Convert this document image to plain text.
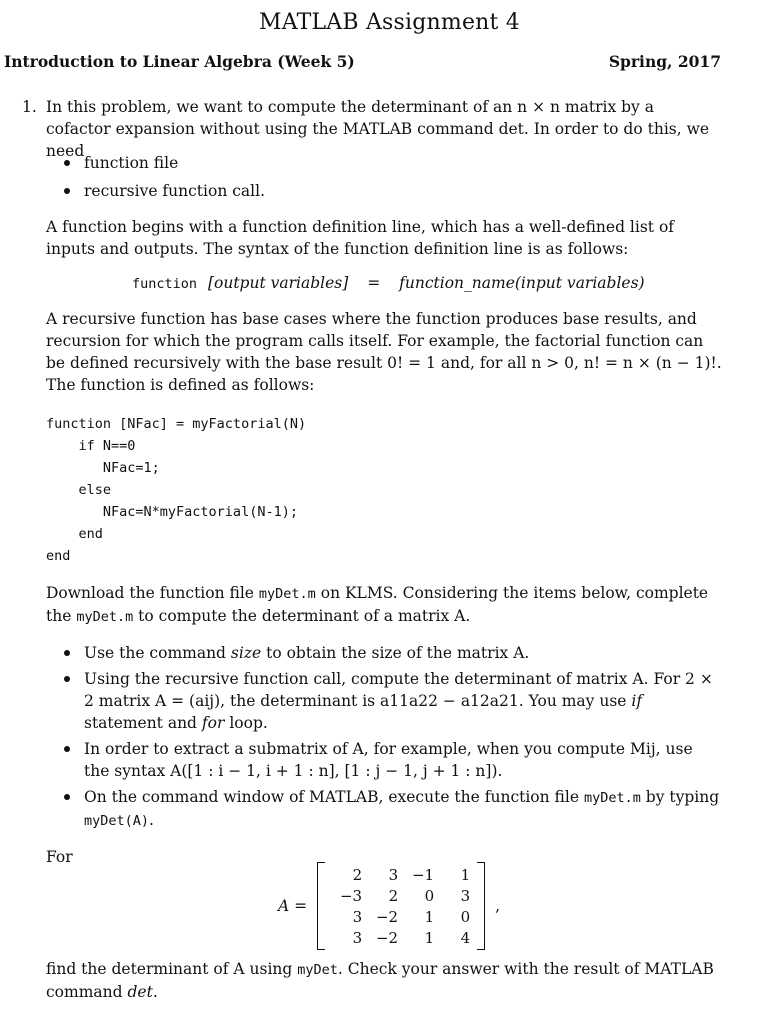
MATLAB Assignment 4
Introduction to Linear Algebra (Week 5)	Spring, 2017
1. In this problem, we want to compute the determinant of an n × n matrix by a cofactor expansion without using the MATLAB command det. In order to do this, we need
function file
recursive function call.
A function begins with a function definition line, which has a well-defined list of inputs and outputs. The syntax of the function definition line is as follows:
function [output variables] = function_name(input variables)
A recursive function has base cases where the function produces base results, and recursion for which the program calls itself. For example, the factorial function can be defined recursively with the base result 0! = 1 and, for all n > 0, n! = n × (n − 1)!. The function is defined as follows:
function [NFac] = myFactorial(N)
if N==0
NFac=1;
else
NFac=N*myFactorial(N-1);
end
end
Download the function file myDet.m on KLMS. Considering the items below, complete the myDet.m to compute the determinant of a matrix A.
Use the command size to obtain the size of the matrix A.
Using the recursive function call, compute the determinant of matrix A. For 2 × 2 matrix A = (aij), the determinant is a11a22 − a12a21. You may use if statement and for loop.
In order to extract a submatrix of A, for example, when you compute Mij, use the syntax A([1 : i − 1, i + 1 : n], [1 : j − 1, j + 1 : n]).
On the command window of MATLAB, execute the function file myDet.m by typing myDet(A).
For
A =
2	3	−1	1
−3	2	0	3
3	−2	1	0
3	−2	1	4
,
find the determinant of A using myDet. Check your answer with the result of MATLAB command det.
